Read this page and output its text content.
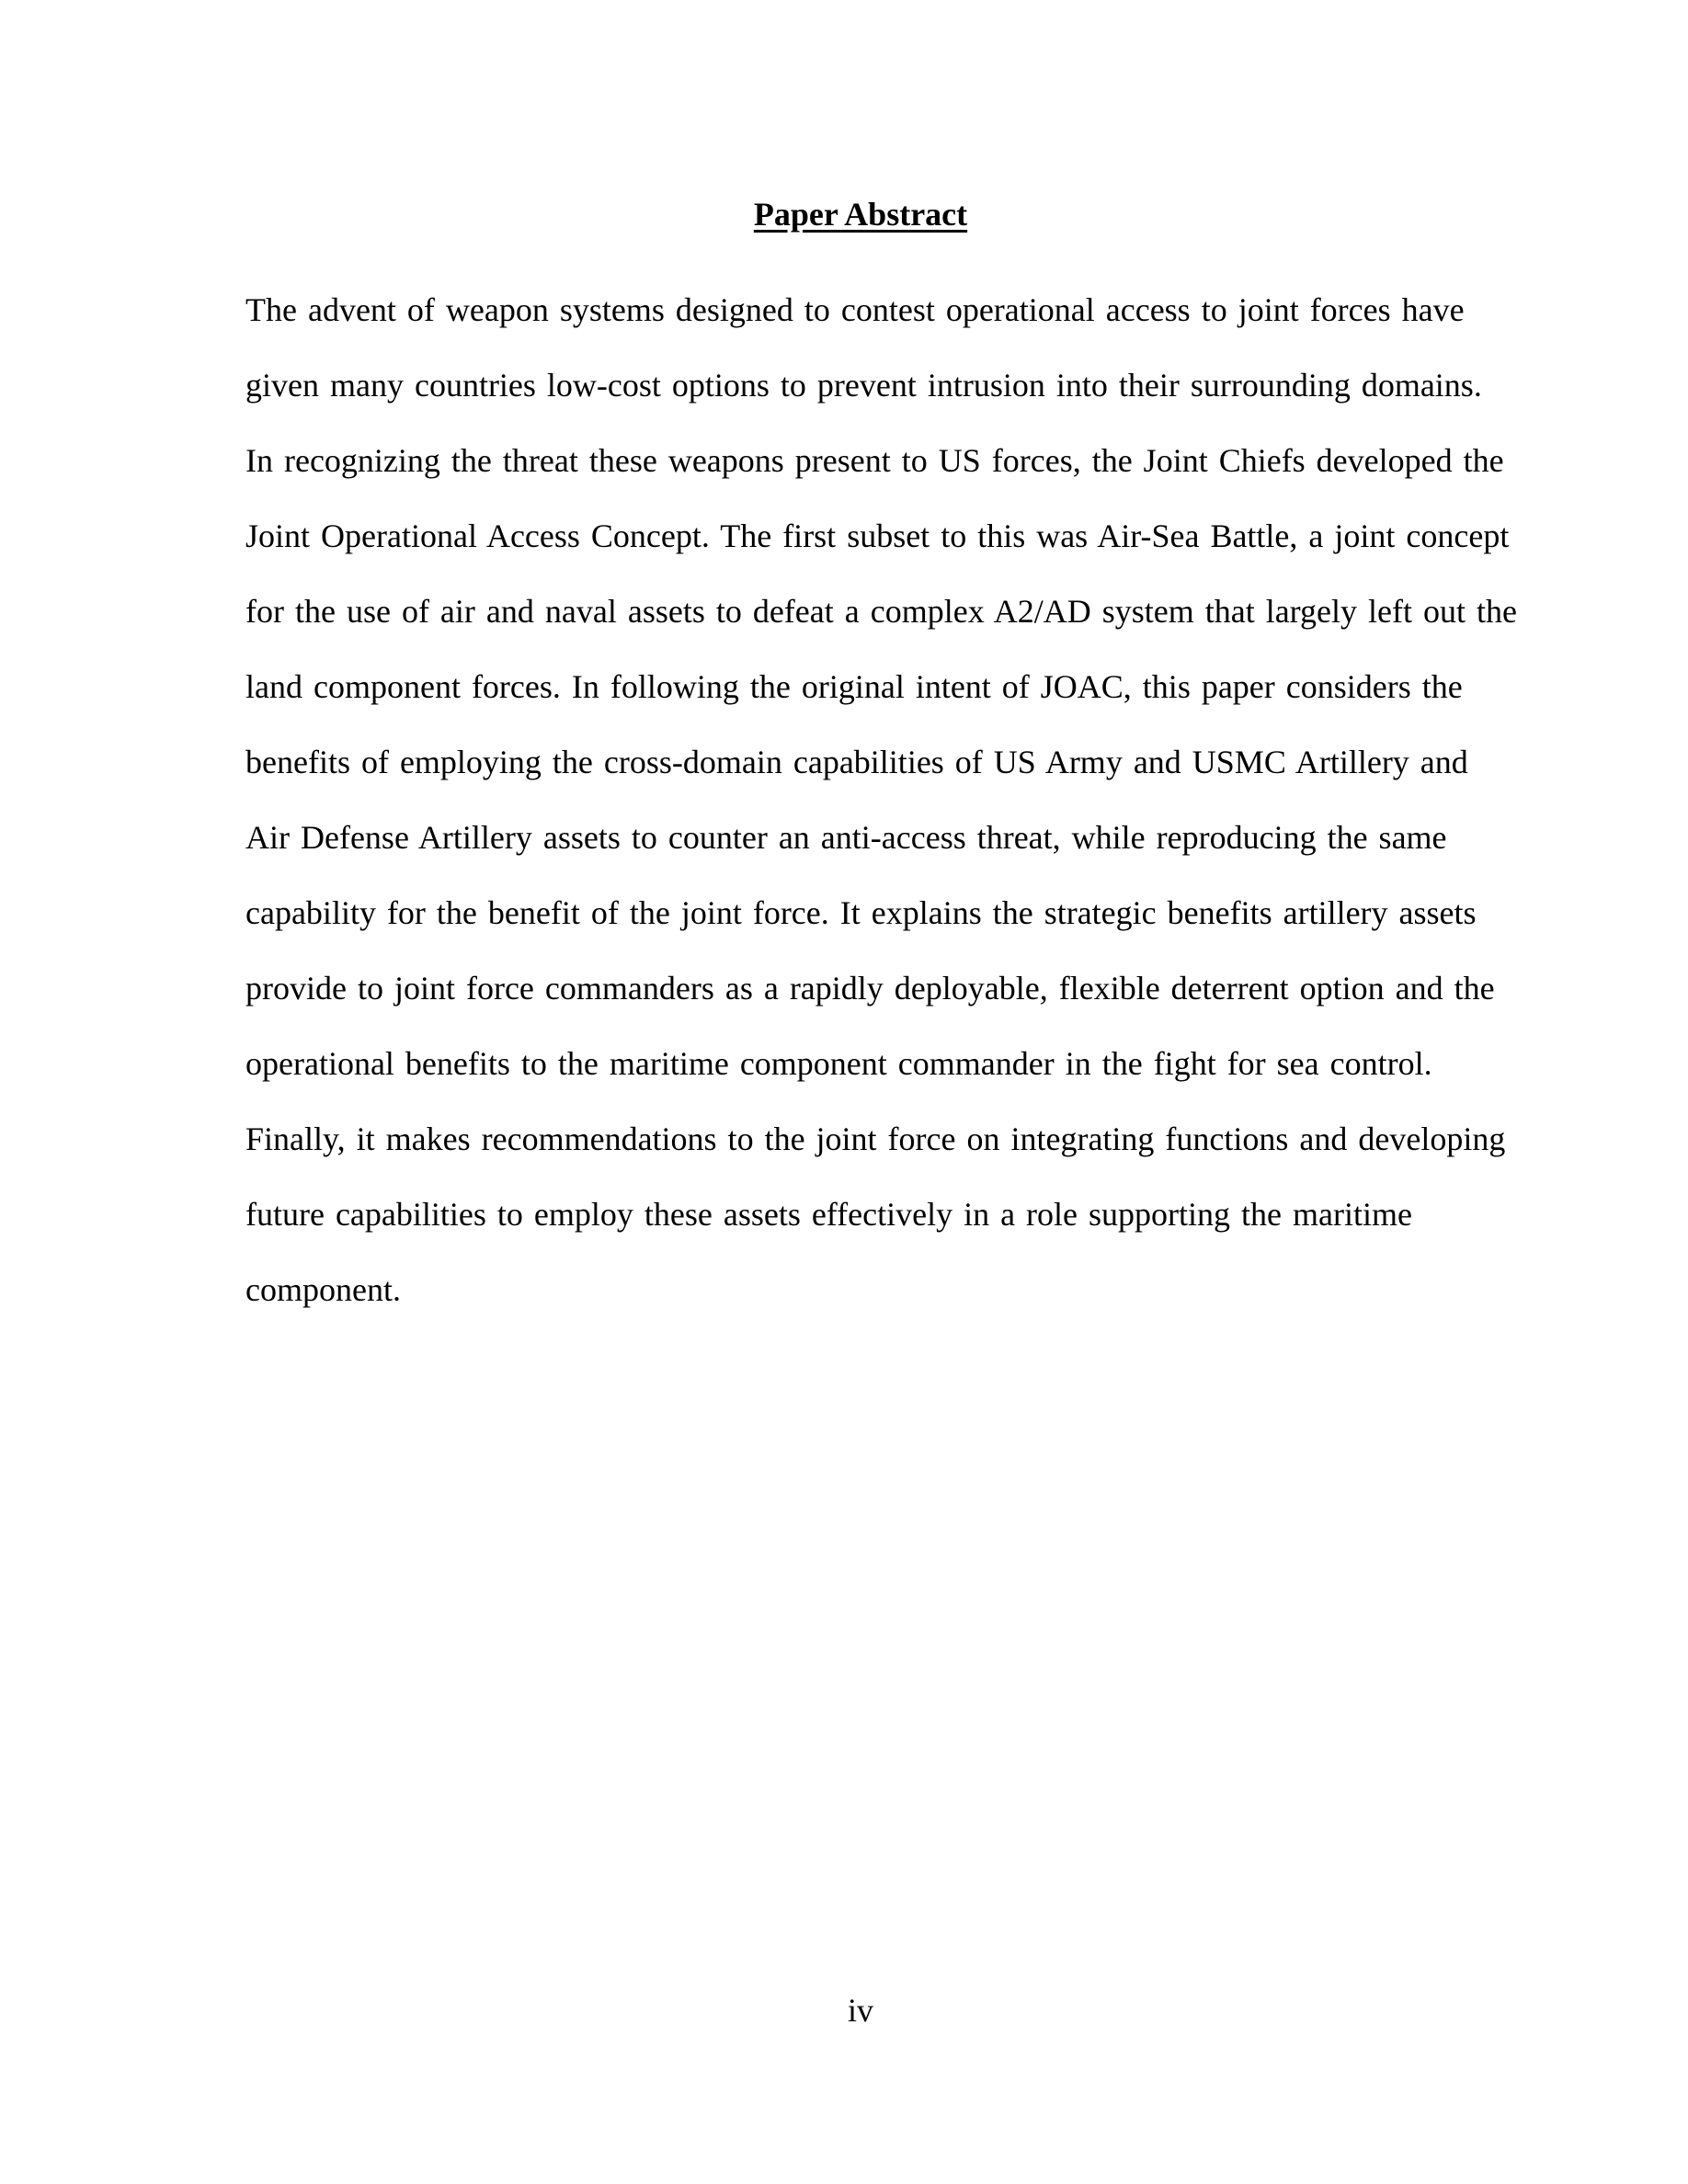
Paper Abstract
The advent of weapon systems designed to contest operational access to joint forces have
given many countries low-cost options to prevent intrusion into their surrounding domains.
In recognizing the threat these weapons present to US forces, the Joint Chiefs developed the
Joint Operational Access Concept. The first subset to this was Air-Sea Battle, a joint concept
for the use of air and naval assets to defeat a complex A2/AD system that largely left out the
land component forces. In following the original intent of JOAC, this paper considers the
benefits of employing the cross-domain capabilities of US Army and USMC Artillery and
Air Defense Artillery assets to counter an anti-access threat, while reproducing the same
capability for the benefit of the joint force. It explains the strategic benefits artillery assets
provide to joint force commanders as a rapidly deployable, flexible deterrent option and the
operational benefits to the maritime component commander in the fight for sea control.
Finally, it makes recommendations to the joint force on integrating functions and developing
future capabilities to employ these assets effectively in a role supporting the maritime
component.

iv
